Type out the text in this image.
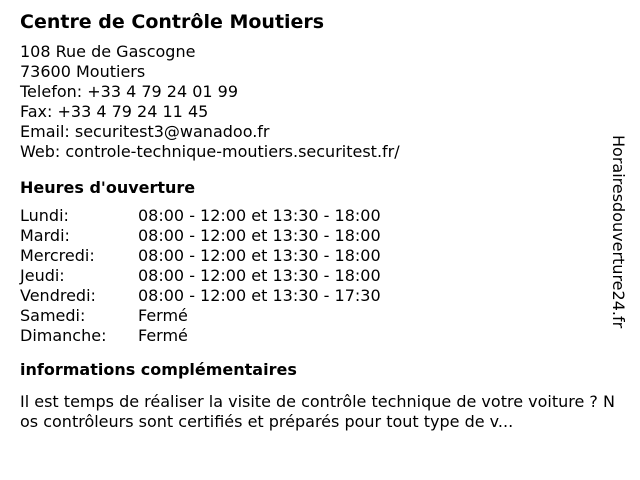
Centre de Contrôle Moutiers
108 Rue de Gascogne
73600 Moutiers
Telefon: +33 4 79 24 01 99
Fax: +33 4 79 24 11 45
Email: securitest3@wanadoo.fr
Web: controle-technique-moutiers.securitest.fr/
Heures d'ouverture
Lundi:	08:00 - 12:00 et 13:30 - 18:00
Mardi:	08:00 - 12:00 et 13:30 - 18:00
Mercredi:	08:00 - 12:00 et 13:30 - 18:00
Jeudi:	08:00 - 12:00 et 13:30 - 18:00
Vendredi:	08:00 - 12:00 et 13:30 - 17:30
Samedi:	Fermé
Dimanche:	Fermé
informations complémentaires
Il est temps de réaliser la visite de contrôle technique de votre voiture ? Nos contrôleurs sont certifiés et préparés pour tout type de v...
Horairesdouverture24.fr
